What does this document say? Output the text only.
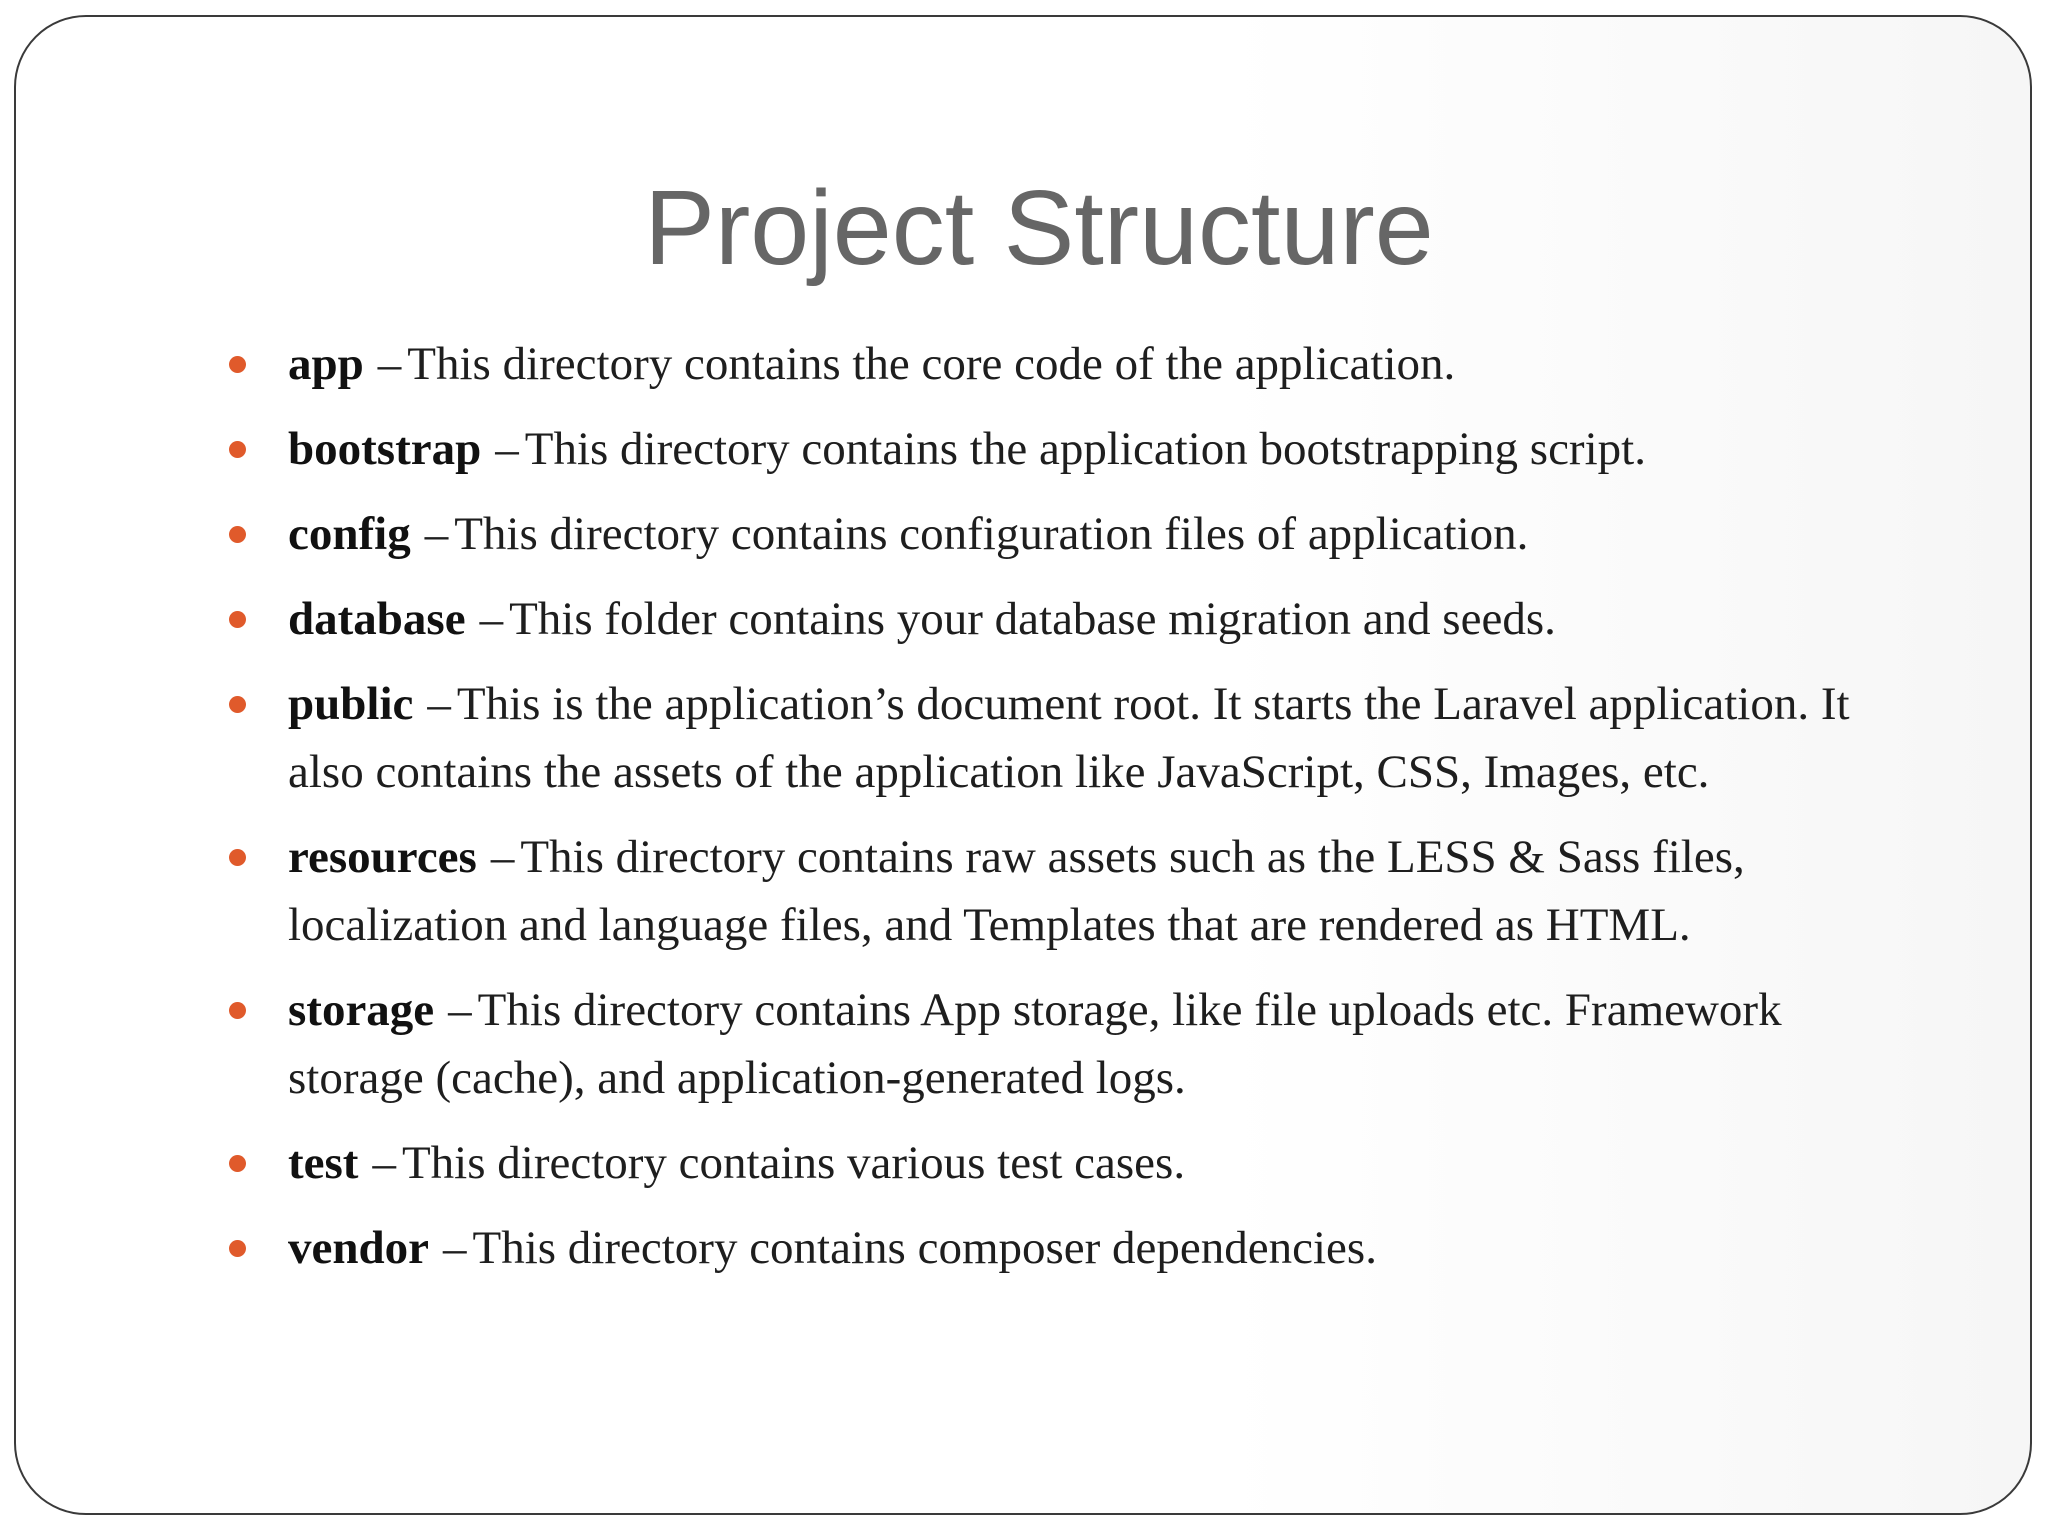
Project Structure
app – This directory contains the core code of the application.
bootstrap – This directory contains the application bootstrapping script.
config – This directory contains configuration files of application.
database – This folder contains your database migration and seeds.
public – This is the application’s document root. It starts the Laravel application. It also contains the assets of the application like JavaScript, CSS, Images, etc.
resources – This directory contains raw assets such as the LESS & Sass files, localization and language files, and Templates that are rendered as HTML.
storage – This directory contains App storage, like file uploads etc. Framework storage (cache), and application-generated logs.
test – This directory contains various test cases.
vendor – This directory contains composer dependencies.
